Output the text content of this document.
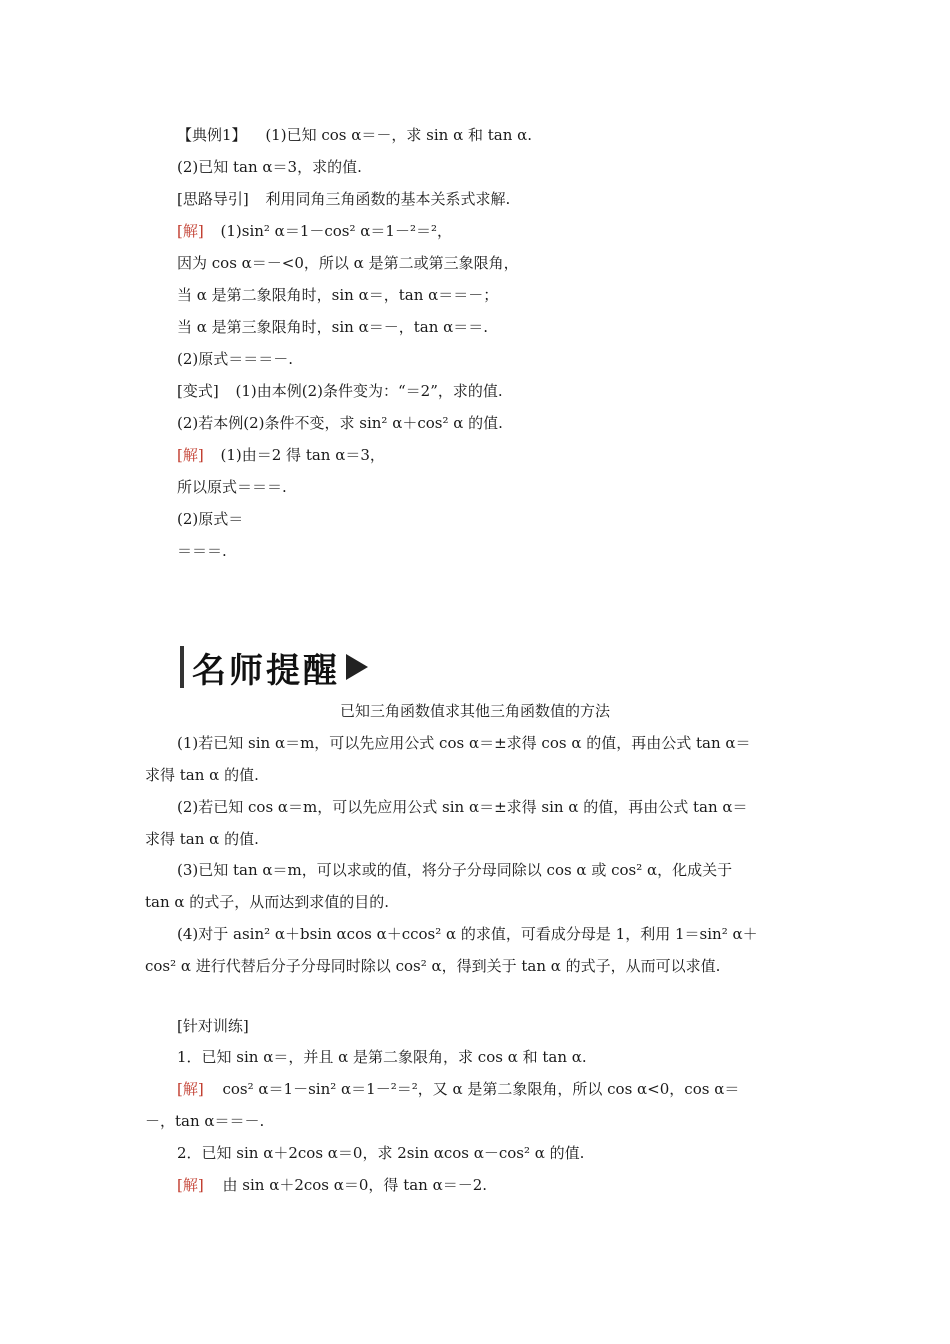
【典例1】 (1)已知 cos α＝－，求 sin α 和 tan α.
(2)已知 tan α＝3，求的值.
[思路导引] 利用同角三角函数的基本关系式求解.
[解] (1)sin² α＝1－cos² α＝1－²＝²，
因为 cos α＝－<0，所以 α 是第二或第三象限角，
当 α 是第二象限角时，sin α＝，tan α＝＝－；
当 α 是第三象限角时，sin α＝－，tan α＝＝.
(2)原式＝＝＝－.
[变式] (1)由本例(2)条件变为：“＝2”，求的值.
(2)若本例(2)条件不变，求 sin² α＋cos² α 的值.
[解] (1)由＝2 得 tan α＝3，
所以原式＝＝＝.
(2)原式＝
＝＝＝.
名师提醒
已知三角函数值求其他三角函数值的方法
(1)若已知 sin α＝m，可以先应用公式 cos α＝±求得 cos α 的值，再由公式 tan α＝
求得 tan α 的值.
(2)若已知 cos α＝m，可以先应用公式 sin α＝±求得 sin α 的值，再由公式 tan α＝
求得 tan α 的值.
(3)已知 tan α＝m，可以求或的值，将分子分母同除以 cos α 或 cos² α，化成关于
tan α 的式子，从而达到求值的目的.
(4)对于 asin² α＋bsin αcos α＋ccos² α 的求值，可看成分母是 1，利用 1＝sin² α＋
cos² α 进行代替后分子分母同时除以 cos² α，得到关于 tan α 的式子，从而可以求值.
[针对训练]
1．已知 sin α＝，并且 α 是第二象限角，求 cos α 和 tan α.
[解] cos² α＝1－sin² α＝1－²＝²，又 α 是第二象限角，所以 cos α<0，cos α＝
－，tan α＝＝－.
2．已知 sin α＋2cos α＝0，求 2sin αcos α－cos² α 的值.
[解] 由 sin α＋2cos α＝0，得 tan α＝－2.
